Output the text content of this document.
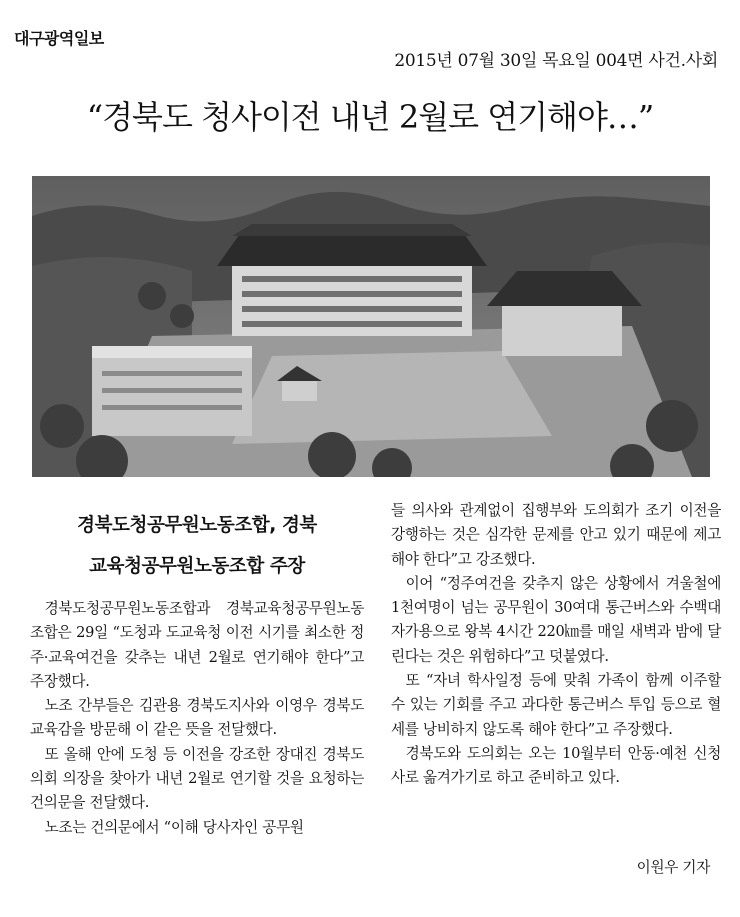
대구광역일보
2015년 07월 30일 목요일 004면 사건.사회
“경북도 청사이전 내년 2월로 연기해야…”
경북도청공무원노동조합, 경북
교육청공무원노동조합 주장

경북도청공무원노동조합과 경북교육청공무원노동조합은 29일 “도청과 도교육청 이전 시기를 최소한 정주·교육여건을 갖추는 내년 2월로 연기해야 한다”고 주장했다.

노조 간부들은 김관용 경북도지사와 이영우 경북도교육감을 방문해 이 같은 뜻을 전달했다.

또 올해 안에 도청 등 이전을 강조한 장대진 경북도의회 의장을 찾아가 내년 2월로 연기할 것을 요청하는 건의문을 전달했다.

노조는 건의문에서 “이해 당사자인 공무원

들 의사와 관계없이 집행부와 도의회가 조기 이전을 강행하는 것은 심각한 문제를 안고 있기 때문에 제고해야 한다”고 강조했다.

이어 “정주여건을 갖추지 않은 상황에서 겨울철에 1천여명이 넘는 공무원이 30여대 통근버스와 수백대 자가용으로 왕복 4시간 220㎞를 매일 새벽과 밤에 달린다는 것은 위험하다”고 덧붙였다.

또 “자녀 학사일정 등에 맞춰 가족이 함께 이주할 수 있는 기회를 주고 과다한 통근버스 투입 등으로 혈세를 낭비하지 않도록 해야 한다”고 주장했다.

경북도와 도의회는 오는 10월부터 안동·예천 신청사로 옮겨가기로 하고 준비하고 있다.

이원우 기자
